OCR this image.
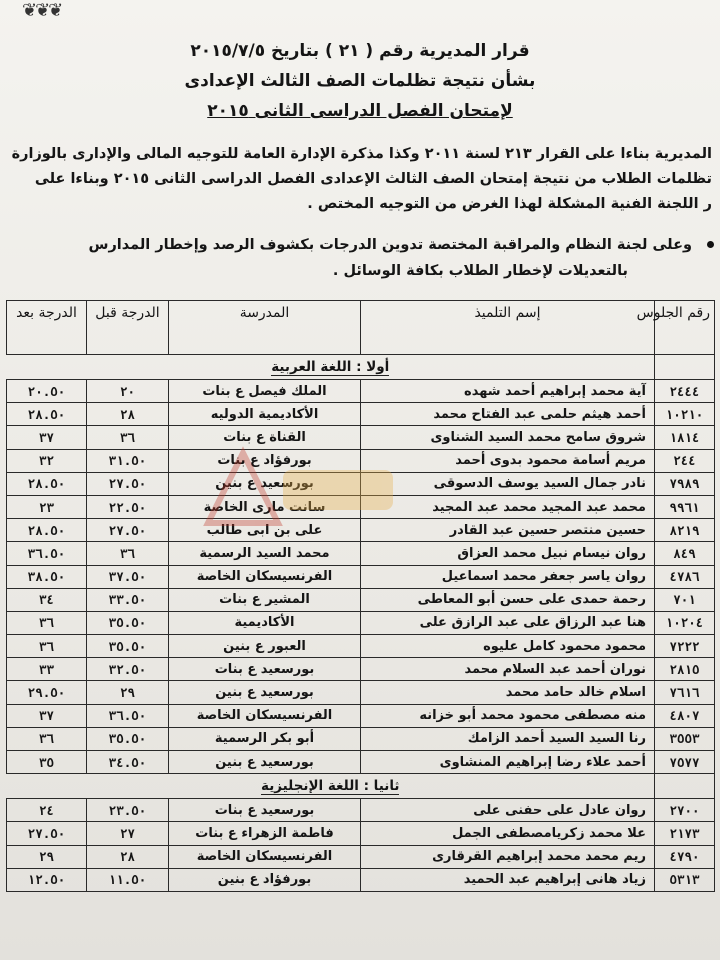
❦❦❦
قرار المديرية رقم ( ٢١ ) بتاريخ ٢٠١٥/٧/٥
بشأن نتيجة تظلمات الصف الثالث الإعدادى
لإمتحان الفصل الدراسى الثانى ٢٠١٥

المديرية بناءا على القرار ٢١٣ لسنة ٢٠١١ وكذا مذكرة الإدارة العامة للتوجيه المالى والإدارى بالوزارة

تظلمات الطلاب من نتيجة إمتحان الصف الثالث الإعدادى الفصل الدراسى الثانى ٢٠١٥ وبناءا على

ر اللجنة الفنية المشكلة لهذا الغرض من التوجيه المختص .

وعلى لجنة النظام والمراقبة المختصة تدوين الدرجات بكشوف الرصد وإخطار المدارس

بالتعديلات لإخطار الطلاب بكافة الوسائل .

رقم الجلوس	إسم التلميذ	المدرسة	الدرجة قبل	الدرجة بعد
	أولا : اللغة العربية			
٢٤٤٤	آية محمد إبراهيم أحمد شهده	الملك فيصل ع بنات	٢٠	٢٠.٥٠
١٠٢١٠	أحمد هيثم حلمى عبد الفتاح محمد	الأكاديمية الدوليه	٢٨	٢٨.٥٠
١٨١٤	شروق سامح محمد السيد الشناوى	القناة ع بنات	٣٦	٣٧
٢٤٤	مريم أسامة محمود بدوى أحمد	بورفؤاد ع بنات	٣١.٥٠	٣٢
٧٩٨٩	نادر جمال السيد يوسف الدسوقى	بورسعيد ع بنين	٢٧.٥٠	٢٨.٥٠
٩٩٦١	محمد عبد المجيد محمد عبد المجيد	سانت مارى الخاصة	٢٢.٥٠	٢٣
٨٢١٩	حسين منتصر حسين عبد القادر	على بن ابى طالب	٢٧.٥٠	٢٨.٥٠
٨٤٩	روان نيسام نبيل محمد العزاق	محمد السيد الرسمية	٣٦	٣٦.٥٠
٤٧٨٦	روان ياسر جعفر محمد اسماعيل	الفرنسيسكان الخاصة	٣٧.٥٠	٣٨.٥٠
٧٠١	رحمة حمدى على حسن أبو المعاطى	المشير ع بنات	٣٣.٥٠	٣٤
١٠٢٠٤	هنا عبد الرزاق على عبد الرازق على	الأكاديمية	٣٥.٥٠	٣٦
٧٢٢٢	محمود محمود كامل عليوه	العبور ع بنين	٣٥.٥٠	٣٦
٢٨١٥	نوران أحمد عبد السلام محمد	بورسعيد ع بنات	٣٢.٥٠	٣٣
٧٦١٦	اسلام خالد حامد محمد	بورسعيد ع بنين	٢٩	٢٩.٥٠
٤٨٠٧	منه مصطفى محمود محمد أبو خزانه	الفرنسيسكان الخاصة	٣٦.٥٠	٣٧
٣٥٥٣	رنا السيد السيد أحمد الزامك	أبو بكر الرسمية	٣٥.٥٠	٣٦
٧٥٧٧	أحمد علاء رضا إبراهيم المنشاوى	بورسعيد ع بنين	٣٤.٥٠	٣٥
	ثانيا : اللغة الإنجليزية			
٢٧٠٠	روان عادل على حفنى على	بورسعيد ع بنات	٢٣.٥٠	٢٤
٢١٧٣	علا محمد زكريامصطفى الجمل	فاطمة الزهراء ع بنات	٢٧	٢٧.٥٠
٤٧٩٠	ريم محمد محمد إبراهيم القرقارى	الفرنسيسكان الخاصة	٢٨	٢٩
٥٣١٣	زياد هانى إبراهيم عبد الحميد	بورفؤاد ع بنين	١١.٥٠	١٢.٥٠
